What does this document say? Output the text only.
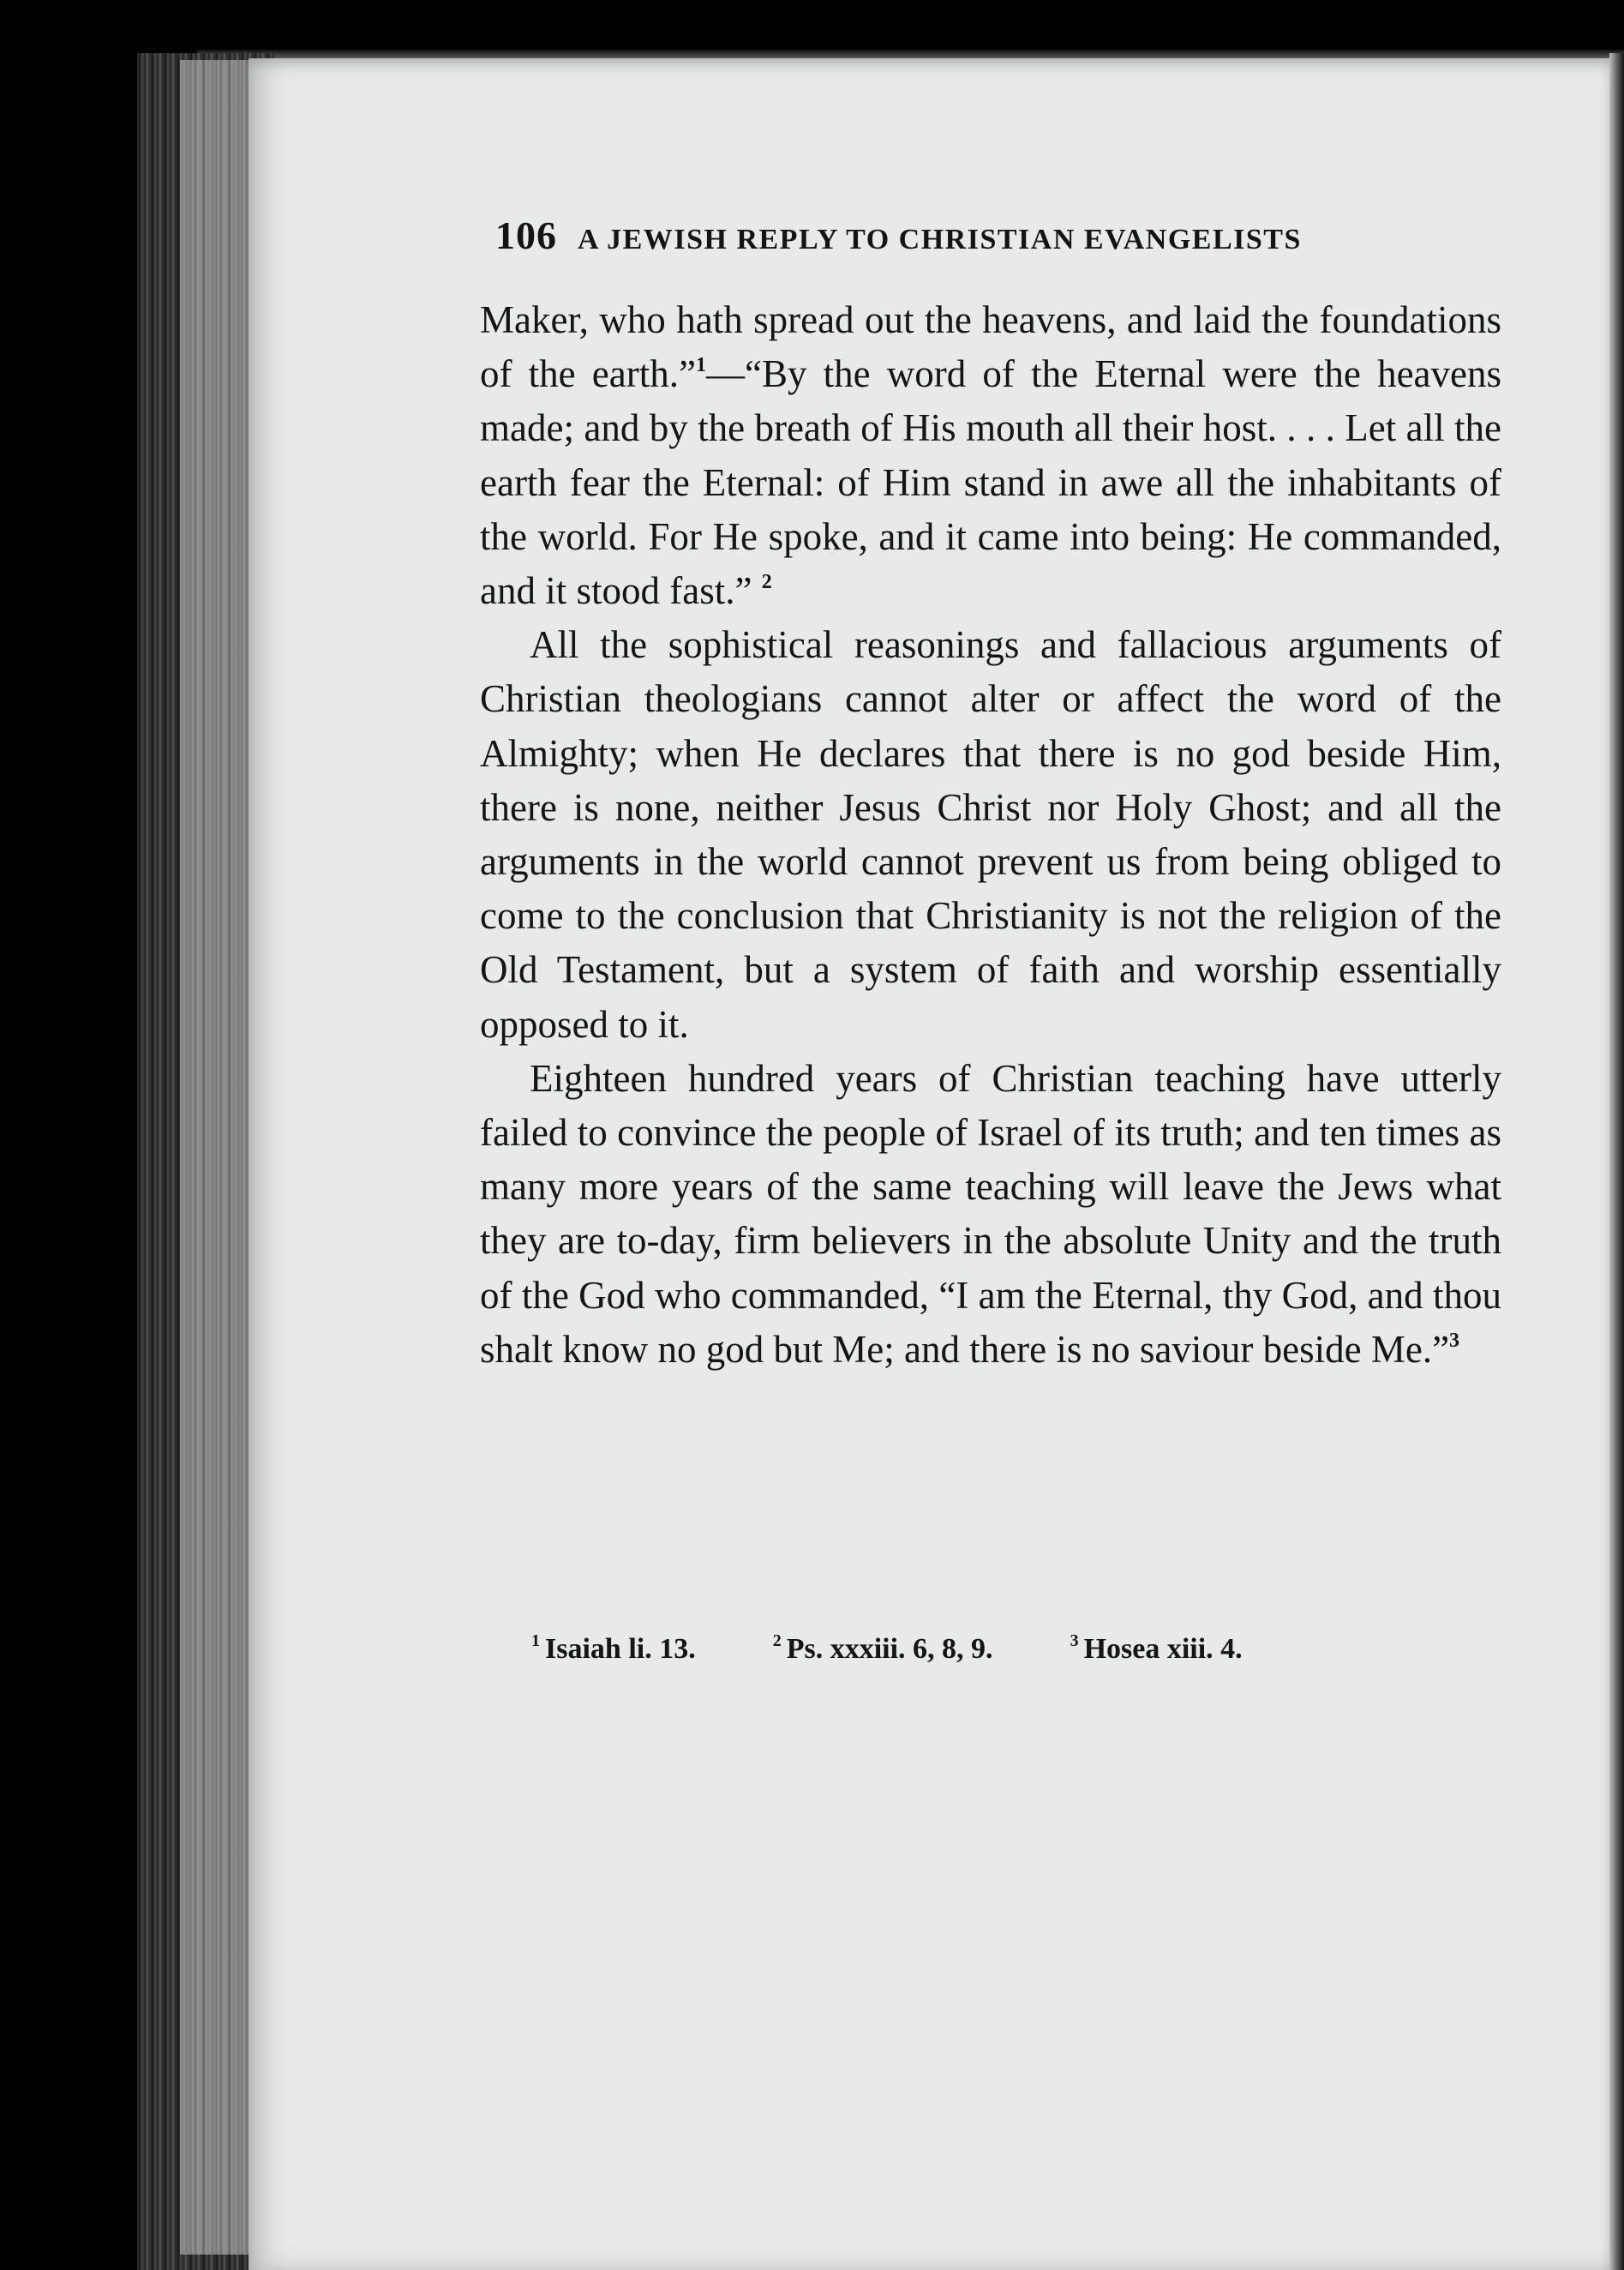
106 A JEWISH REPLY TO CHRISTIAN EVANGELISTS

Maker, who hath spread out the heavens, and laid the foundations of the earth.”$^1$—“By the word of the Eternal were the heavens made; and by the breath of His mouth all their host. . . . Let all the earth fear the Eternal: of Him stand in awe all the inhabitants of the world. For He spoke, and it came into being: He commanded, and it stood fast.” $^2$

All the sophistical reasonings and fallacious arguments of Christian theologians cannot alter or affect the word of the Almighty; when He declares that there is no god beside Him, there is none, neither Jesus Christ nor Holy Ghost; and all the arguments in the world cannot prevent us from being obliged to come to the conclusion that Christianity is not the religion of the Old Testament, but a system of faith and worship essentially opposed to it.

Eighteen hundred years of Christian teaching have utterly failed to convince the people of Israel of its truth; and ten times as many more years of the same teaching will leave the Jews what they are to-day, firm believers in the absolute Unity and the truth of the God who commanded, “I am the Eternal, thy God, and thou shalt know no god but Me; and there is no saviour beside Me.”$^3$

$^1$ Isaiah li. 13.	$^2$ Ps. xxxiii. 6, 8, 9.	$^3$ Hosea xiii. 4.
